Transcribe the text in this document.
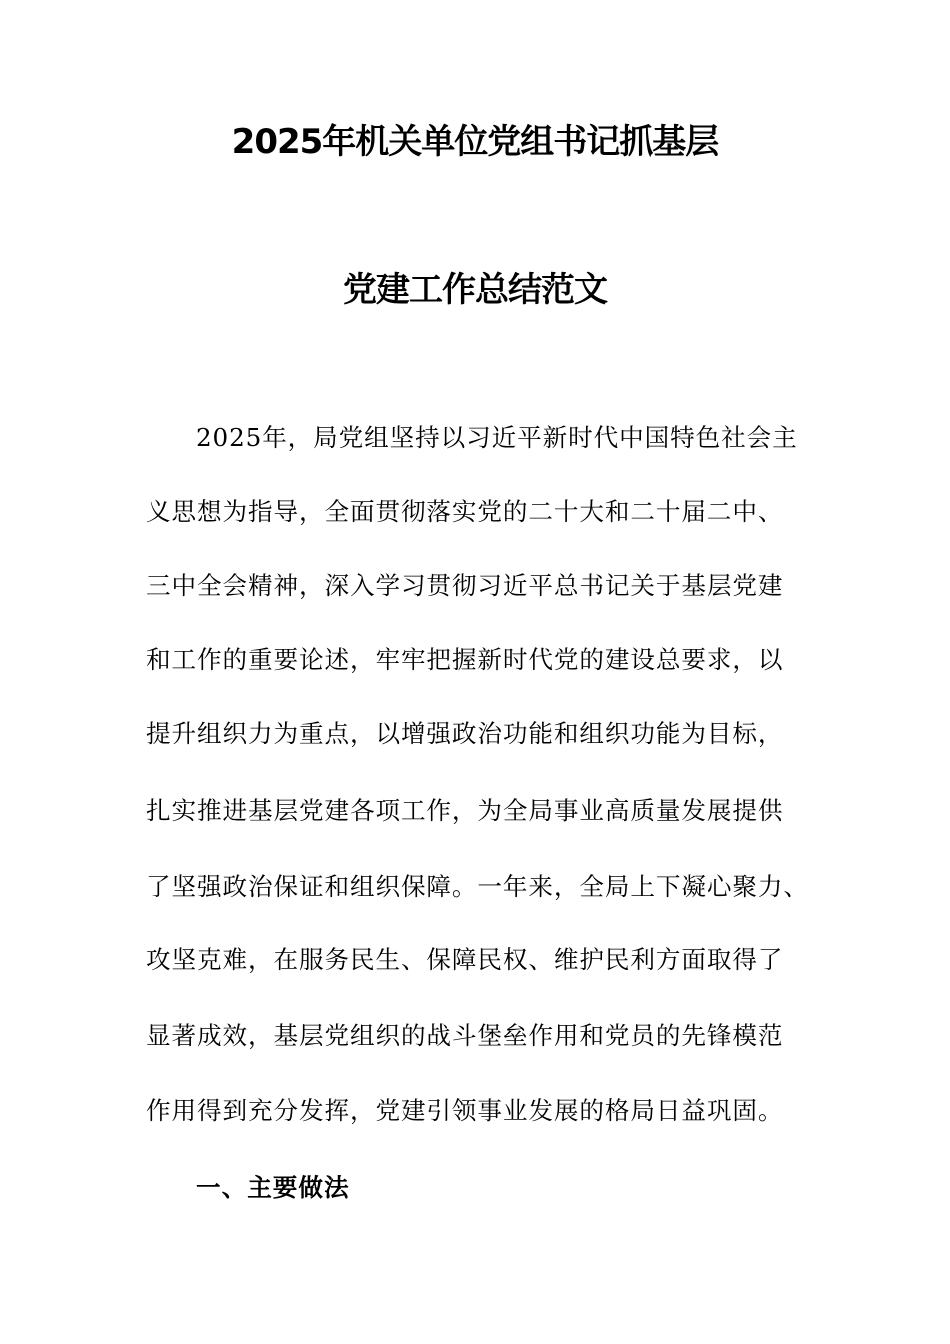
2025年机关单位党组书记抓基层
党建工作总结范文
2025年，局党组坚持以习近平新时代中国特色社会主
义思想为指导，全面贯彻落实党的二十大和二十届二中、
三中全会精神，深入学习贯彻习近平总书记关于基层党建
和工作的重要论述，牢牢把握新时代党的建设总要求，以
提升组织力为重点，以增强政治功能和组织功能为目标，
扎实推进基层党建各项工作，为全局事业高质量发展提供
了坚强政治保证和组织保障。一年来，全局上下凝心聚力、
攻坚克难，在服务民生、保障民权、维护民利方面取得了
显著成效，基层党组织的战斗堡垒作用和党员的先锋模范
作用得到充分发挥，党建引领事业发展的格局日益巩固。
一、主要做法
